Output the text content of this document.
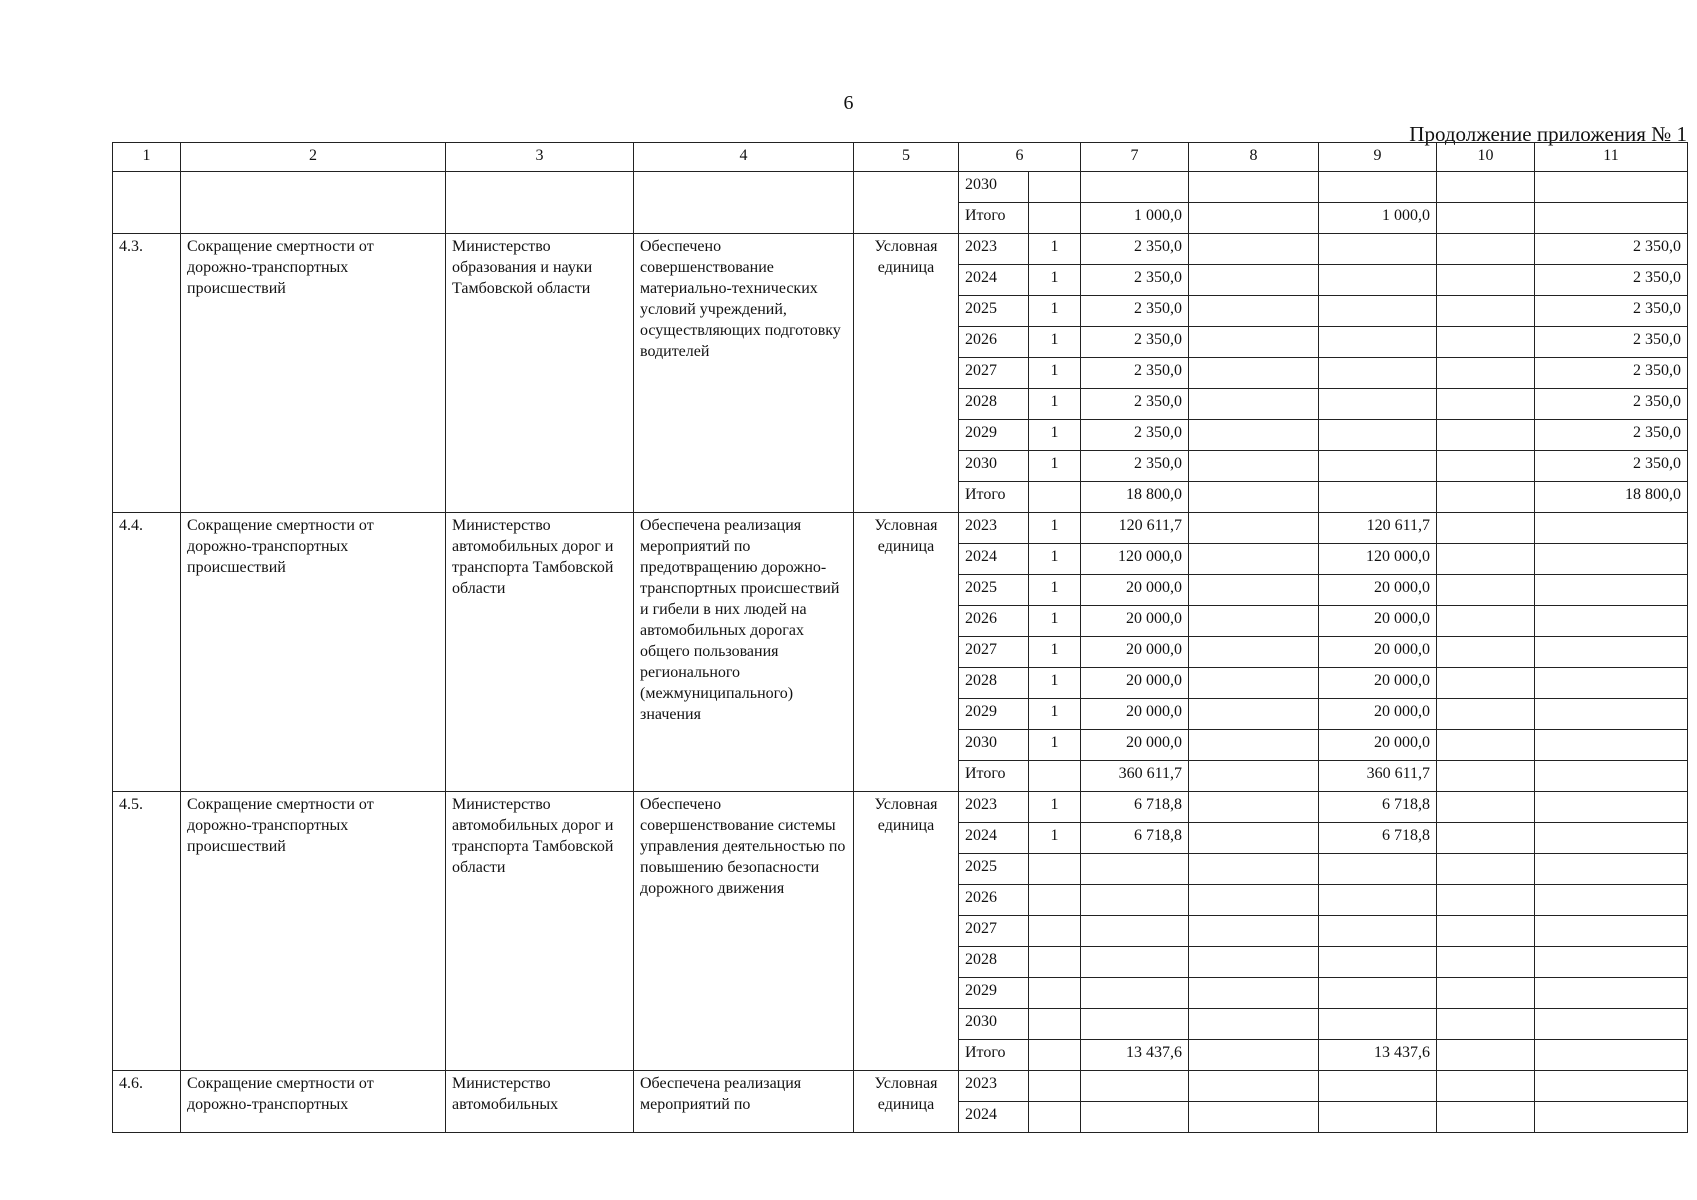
6
Продолжение приложения № 1
1	2	3	4	5	6		7	8	9	10	11
					2030						
					Итого		1 000,0		1 000,0		
4.3.	Сокращение смертности от дорожно-транспортных происшествий	Министерство образования и науки Тамбовской области	Обеспечено совершенствование материально-технических условий учреждений, осуществляющих подготовку водителей	Условная единица	2023	1	2 350,0				2 350,0
					2024	1	2 350,0				2 350,0
					2025	1	2 350,0				2 350,0
					2026	1	2 350,0				2 350,0
					2027	1	2 350,0				2 350,0
					2028	1	2 350,0				2 350,0
					2029	1	2 350,0				2 350,0
					2030	1	2 350,0				2 350,0
					Итого		18 800,0				18 800,0
4.4.	Сокращение смертности от дорожно-транспортных происшествий	Министерство автомобильных дорог и транспорта Тамбовской области	Обеспечена реализация мероприятий по предотвращению дорожно-транспортных происшествий и гибели в них людей на автомобильных дорогах общего пользования регионального (межмуниципального) значения	Условная единица	2023	1	120 611,7		120 611,7		
					2024	1	120 000,0		120 000,0		
					2025	1	20 000,0		20 000,0		
					2026	1	20 000,0		20 000,0		
					2027	1	20 000,0		20 000,0		
					2028	1	20 000,0		20 000,0		
					2029	1	20 000,0		20 000,0		
					2030	1	20 000,0		20 000,0		
					Итого		360 611,7		360 611,7		
4.5.	Сокращение смертности от дорожно-транспортных происшествий	Министерство автомобильных дорог и транспорта Тамбовской области	Обеспечено совершенствование системы управления деятельностью по повышению безопасности дорожного движения	Условная единица	2023	1	6 718,8		6 718,8		
					2024	1	6 718,8		6 718,8		
					2025						
					2026						
					2027						
					2028						
					2029						
					2030						
					Итого		13 437,6		13 437,6		
4.6.	Сокращение смертности от дорожно-транспортных	Министерство автомобильных	Обеспечена реализация мероприятий по	Условная единица	2023						
					2024						
